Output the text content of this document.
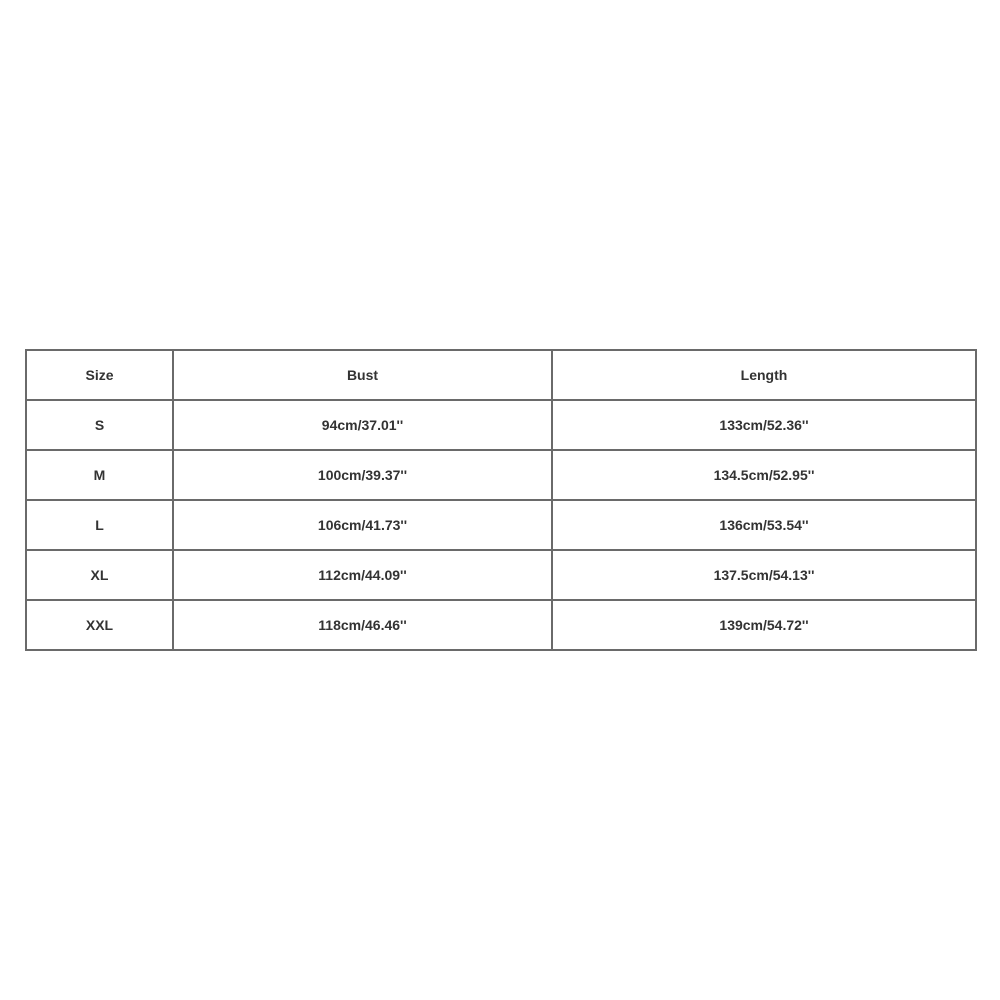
Size	Bust	Length
S	94cm/37.01''	133cm/52.36''
M	100cm/39.37''	134.5cm/52.95''
L	106cm/41.73''	136cm/53.54''
XL	112cm/44.09''	137.5cm/54.13''
XXL	118cm/46.46''	139cm/54.72''
